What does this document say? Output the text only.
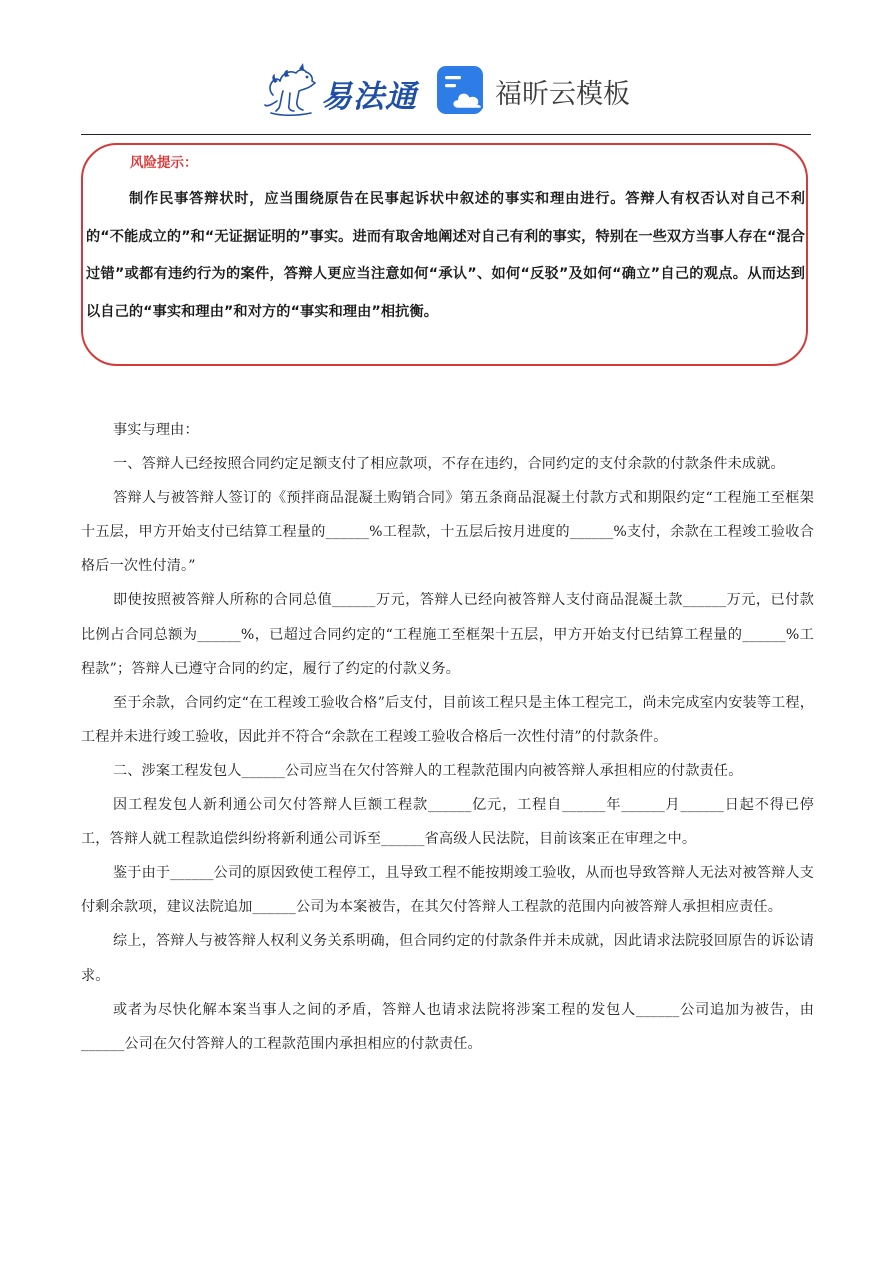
易法通	福昕云模板
风险提示：
制作民事答辩状时，应当围绕原告在民事起诉状中叙述的事实和理由进行。答辩人有权否认对自己不利的“不能成立的”和“无证据证明的”事实。进而有取舍地阐述对自己有利的事实，特别在一些双方当事人存在“混合过错”或都有违约行为的案件，答辩人更应当注意如何“承认”、如何“反驳”及如何“确立”自己的观点。从而达到以自己的“事实和理由”和对方的“事实和理由”相抗衡。

事实与理由：

一、答辩人已经按照合同约定足额支付了相应款项，不存在违约，合同约定的支付余款的付款条件未成就。

答辩人与被答辩人签订的《预拌商品混凝土购销合同》第五条商品混凝土付款方式和期限约定“工程施工至框架十五层，甲方开始支付已结算工程量的______%工程款，十五层后按月进度的______%支付，余款在工程竣工验收合格后一次性付清。”

即使按照被答辩人所称的合同总值______万元，答辩人已经向被答辩人支付商品混凝土款______万元，已付款比例占合同总额为______%，已超过合同约定的“工程施工至框架十五层，甲方开始支付已结算工程量的______%工程款”；答辩人已遵守合同的约定，履行了约定的付款义务。

至于余款，合同约定“在工程竣工验收合格”后支付，目前该工程只是主体工程完工，尚未完成室内安装等工程，工程并未进行竣工验收，因此并不符合“余款在工程竣工验收合格后一次性付清”的付款条件。

二、涉案工程发包人______公司应当在欠付答辩人的工程款范围内向被答辩人承担相应的付款责任。

因工程发包人新利通公司欠付答辩人巨额工程款______亿元，工程自______年______月______日起不得已停工，答辩人就工程款追偿纠纷将新利通公司诉至______省高级人民法院，目前该案正在审理之中。

鉴于由于______公司的原因致使工程停工，且导致工程不能按期竣工验收，从而也导致答辩人无法对被答辩人支付剩余款项，建议法院追加______公司为本案被告，在其欠付答辩人工程款的范围内向被答辩人承担相应责任。

综上，答辩人与被答辩人权利义务关系明确，但合同约定的付款条件并未成就，因此请求法院驳回原告的诉讼请求。

或者为尽快化解本案当事人之间的矛盾，答辩人也请求法院将涉案工程的发包人______公司追加为被告，由______公司在欠付答辩人的工程款范围内承担相应的付款责任。
